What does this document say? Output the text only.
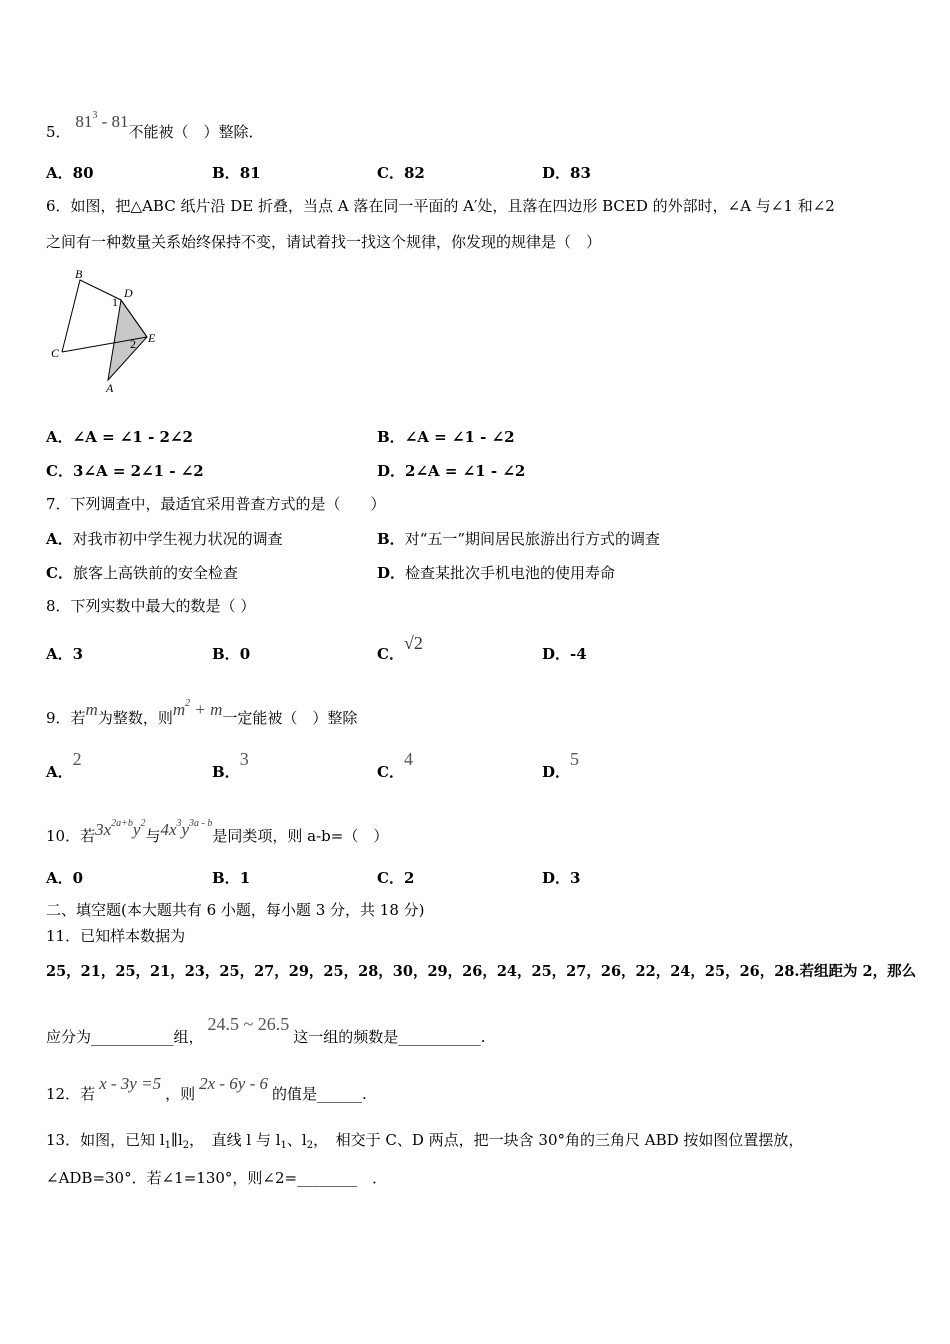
5． $81^3 - 81$不能被（　）整除．
A．80	B．81	C．82	D．83
6．如图，把△ABC 纸片沿 DE 折叠，当点 A 落在同一平面的 A′处，且落在四边形 BCED 的外部时，∠A 与∠1 和∠2
之间有一种数量关系始终保持不变，请试着找一找这个规律，你发现的规律是（　）
B
D
1
C
E
2
A
A．∠A = ∠1 - 2∠2	B．∠A = ∠1 - ∠2
C．3∠A = 2∠1 - ∠2	D．2∠A = ∠1 - ∠2
7．下列调查中，最适宜采用普查方式的是（　　）
A．对我市初中学生视力状况的调查	B．对“五一”期间居民旅游出行方式的调查
C．旅客上高铁前的安全检查	D．检查某批次手机电池的使用寿命
8．下列实数中最大的数是（ ）
A．3	B．0	C．√2
D．-4
9．若m为整数，则$m^2 + m$一定能被（　）整除
A．2
B．3
C．4
D．5
10．若$3x^{2a+b}y^2$与$4x^3y^{3a - b}$是同类项，则 a-b=（　）
A．0	B．1	C．2	D．3
二、填空题(本大题共有 6 小题，每小题 3 分，共 18 分)
11．已知样本数据为
25，21，25，21，23，25，27，29，25，28，30，29，26，24，25，27，26，22，24，25，26，28.若组距为 2，那么
应分为___________组，24.5 ~ 26.5这一组的频数是___________.
12．若x - 3y =5，则2x - 6y - 6的值是______.
13．如图，已知 $l_1\parallel l_2$，　直线 l 与 $l_1$、$l_2$，　相交于 C、D 两点，把一块含 30°角的三角尺 ABD 按如图位置摆放，
∠ADB=30°．若∠1=130°，则∠2=________　．
